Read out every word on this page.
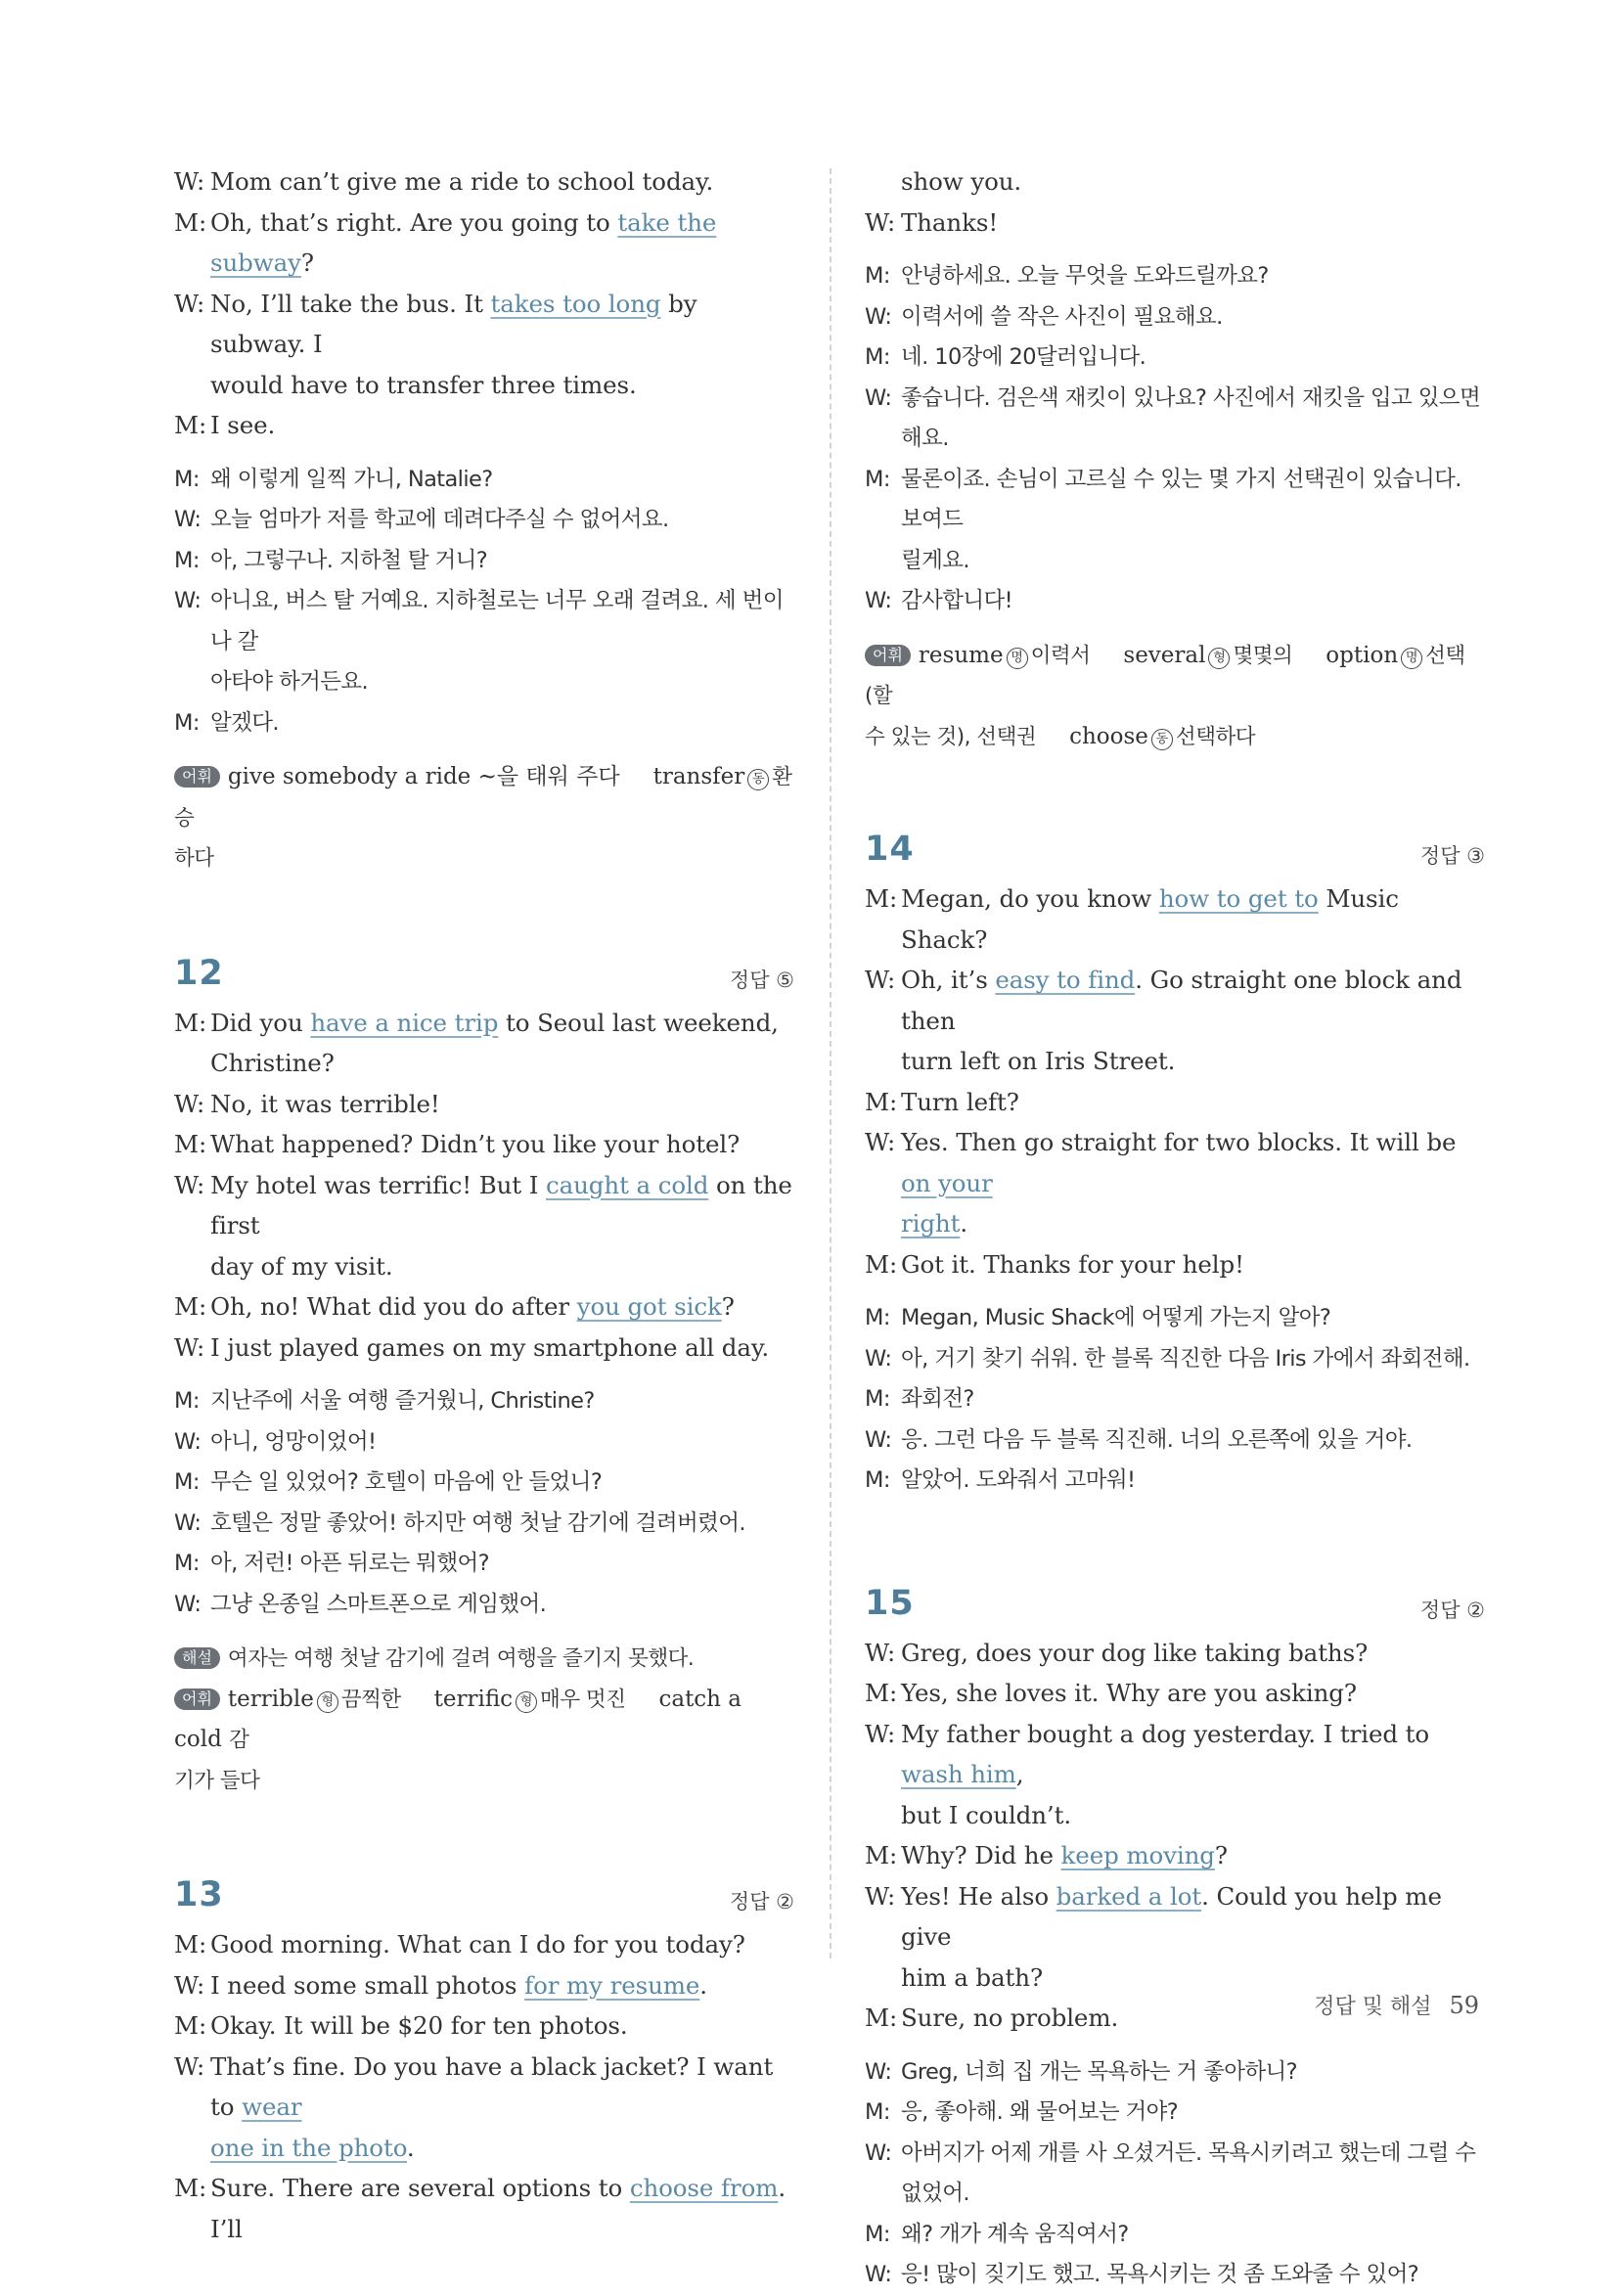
W: Mom can’t give me a ride to school today.
M: Oh, that’s right. Are you going to take the subway?
W: No, I’ll take the bus. It takes too long by subway. I
would have to transfer three times.
M: I see.
M: 왜 이렇게 일찍 가니, Natalie?
W: 오늘 엄마가 저를 학교에 데려다주실 수 없어서요.
M: 아, 그렇구나. 지하철 탈 거니?
W: 아니요, 버스 탈 거예요. 지하철로는 너무 오래 걸려요. 세 번이나 갈
아타야 하거든요.
M: 알겠다.
어휘 give somebody a ride ~을 태워 주다 transfer 동 환승
하다
12	정답 ⑤
M: Did you have a nice trip to Seoul last weekend,
Christine?
W: No, it was terrible!
M: What happened? Didn’t you like your hotel?
W: My hotel was terrific! But I caught a cold on the first
day of my visit.
M: Oh, no! What did you do after you got sick?
W: I just played games on my smartphone all day.
M: 지난주에 서울 여행 즐거웠니, Christine?
W: 아니, 엉망이었어!
M: 무슨 일 있었어? 호텔이 마음에 안 들었니?
W: 호텔은 정말 좋았어! 하지만 여행 첫날 감기에 걸려버렸어.
M: 아, 저런! 아픈 뒤로는 뭐했어?
W: 그냥 온종일 스마트폰으로 게임했어.
해설 여자는 여행 첫날 감기에 걸려 여행을 즐기지 못했다.
어휘 terrible 형 끔찍한 terrific 형 매우 멋진 catch a cold 감
기가 들다
13	정답 ②
M: Good morning. What can I do for you today?
W: I need some small photos for my resume.
M: Okay. It will be $20 for ten photos.
W: That’s fine. Do you have a black jacket? I want to wear
one in the photo.
M: Sure. There are several options to choose from. I’ll
show you.
W: Thanks!
M: 안녕하세요. 오늘 무엇을 도와드릴까요?
W: 이력서에 쓸 작은 사진이 필요해요.
M: 네. 10장에 20달러입니다.
W: 좋습니다. 검은색 재킷이 있나요? 사진에서 재킷을 입고 있으면 해요.
M: 물론이죠. 손님이 고르실 수 있는 몇 가지 선택권이 있습니다. 보여드
릴게요.
W: 감사합니다!
어휘 resume 명 이력서 several 형 몇몇의 option 명 선택(할
수 있는 것), 선택권 choose 동 선택하다
14	정답 ③
M: Megan, do you know how to get to Music Shack?
W: Oh, it’s easy to find. Go straight one block and then
turn left on Iris Street.
M: Turn left?
W: Yes. Then go straight for two blocks. It will be on your
right.
M: Got it. Thanks for your help!
M: Megan, Music Shack에 어떻게 가는지 알아?
W: 아, 거기 찾기 쉬워. 한 블록 직진한 다음 Iris 가에서 좌회전해.
M: 좌회전?
W: 응. 그런 다음 두 블록 직진해. 너의 오른쪽에 있을 거야.
M: 알았어. 도와줘서 고마워!
15	정답 ②
W: Greg, does your dog like taking baths?
M: Yes, she loves it. Why are you asking?
W: My father bought a dog yesterday. I tried to wash him,
but I couldn’t.
M: Why? Did he keep moving?
W: Yes! He also barked a lot. Could you help me give
him a bath?
M: Sure, no problem.
W: Greg, 너희 집 개는 목욕하는 거 좋아하니?
M: 응, 좋아해. 왜 물어보는 거야?
W: 아버지가 어제 개를 사 오셨거든. 목욕시키려고 했는데 그럴 수 없었어.
M: 왜? 개가 계속 움직여서?
W: 응! 많이 짖기도 했고. 목욕시키는 것 좀 도와줄 수 있어?
정답 및 해설 59
